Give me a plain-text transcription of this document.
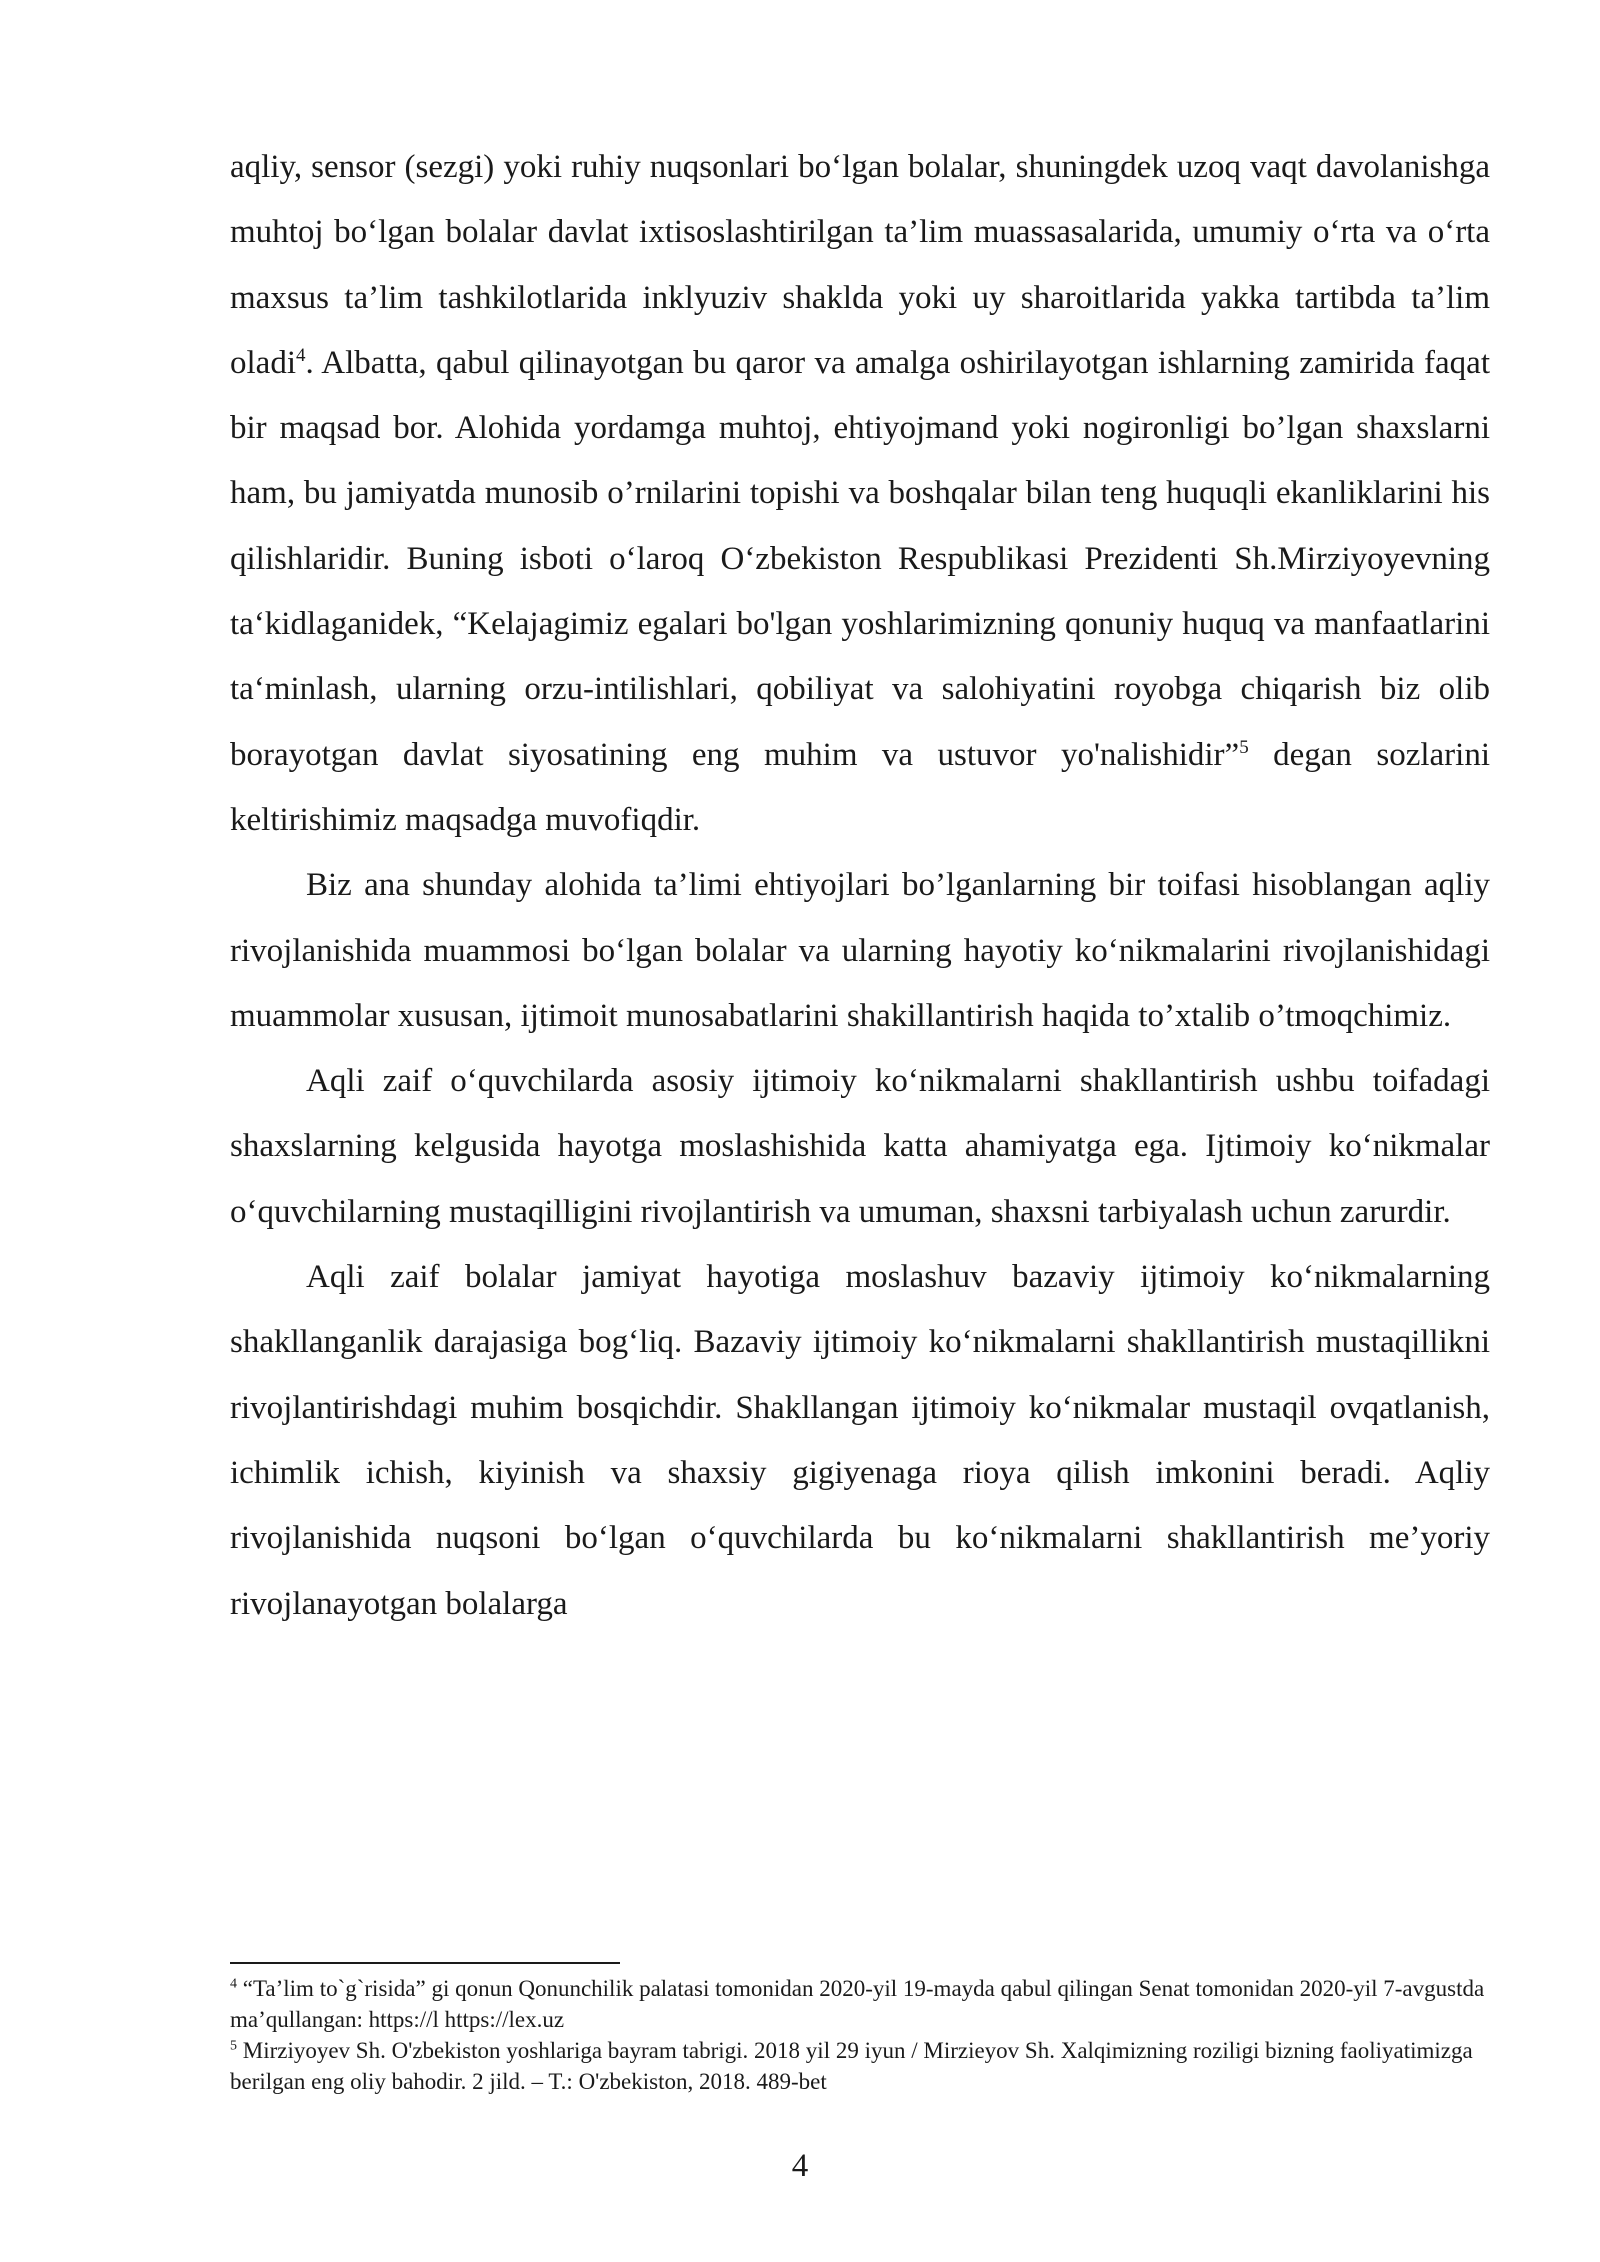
aqliy, sensor (sezgi) yoki ruhiy nuqsonlari bo‘lgan bolalar, shuningdek uzoq vaqt davolanishga muhtoj bo‘lgan bolalar davlat ixtisoslashtirilgan ta’lim muassasalarida, umumiy o‘rta va o‘rta maxsus ta’lim tashkilotlarida inklyuziv shaklda yoki uy sharoitlarida yakka tartibda ta’lim oladi$^4$. Albatta, qabul qilinayotgan bu qaror va amalga oshirilayotgan ishlarning zamirida faqat bir maqsad bor. Alohida yordamga muhtoj, ehtiyojmand yoki nogironligi bo’lgan shaxslarni ham, bu jamiyatda munosib o’rnilarini topishi va boshqalar bilan teng huquqli ekanliklarini his qilishlaridir. Buning isboti o‘laroq O‘zbekiston Respublikasi Prezidenti Sh.Mirziyoyevning ta‘kidlaganidek, “Kelajagimiz egalari bo'lgan yoshlarimizning qonuniy huquq va manfaatlarini ta‘minlash, ularning orzu-intilishlari, qobiliyat va salohiyatini royobga chiqarish biz olib borayotgan davlat siyosatining eng muhim va ustuvor yo'nalishidir”$^5$ degan sozlarini keltirishimiz maqsadga muvofiqdir.

Biz ana shunday alohida ta’limi ehtiyojlari bo’lganlarning bir toifasi hisoblangan aqliy rivojlanishida muammosi bo‘lgan bolalar va ularning hayotiy ko‘nikmalarini rivojlanishidagi muammolar xususan, ijtimoit munosabatlarini shakillantirish haqida to’xtalib o’tmoqchimiz.

Aqli zaif o‘quvchilarda asosiy ijtimoiy ko‘nikmalarni shakllantirish ushbu toifadagi shaxslarning kelgusida hayotga moslashishida katta ahamiyatga ega. Ijtimoiy ko‘nikmalar o‘quvchilarning mustaqilligini rivojlantirish va umuman, shaxsni tarbiyalash uchun zarurdir.

Aqli zaif bolalar jamiyat hayotiga moslashuv bazaviy ijtimoiy ko‘nikmalarning shakllanganlik darajasiga bog‘liq. Bazaviy ijtimoiy ko‘nikmalarni shakllantirish mustaqillikni rivojlantirishdagi muhim bosqichdir. Shakllangan ijtimoiy ko‘nikmalar mustaqil ovqatlanish, ichimlik ichish, kiyinish va shaxsiy gigiyenaga rioya qilish imkonini beradi. Aqliy rivojlanishida nuqsoni bo‘lgan o‘quvchilarda bu ko‘nikmalarni shakllantirish me’yoriy rivojlanayotgan bolalarga

$^4$ “Ta’lim to`g`risida” gi qonun Qonunchilik palatasi tomonidan 2020-yil 19-mayda qabul qilingan Senat tomonidan 2020-yil 7-avgustda ma’qullangan: https://l https://lex.uz

$^5$ Mirziyoyev Sh. O'zbekiston yoshlariga bayram tabrigi. 2018 yil 29 iyun / Mirzieyov Sh. Xalqimizning roziligi bizning faoliyatimizga berilgan eng oliy bahodir. 2 jild. – T.: O'zbekiston, 2018. 489-bet

4
